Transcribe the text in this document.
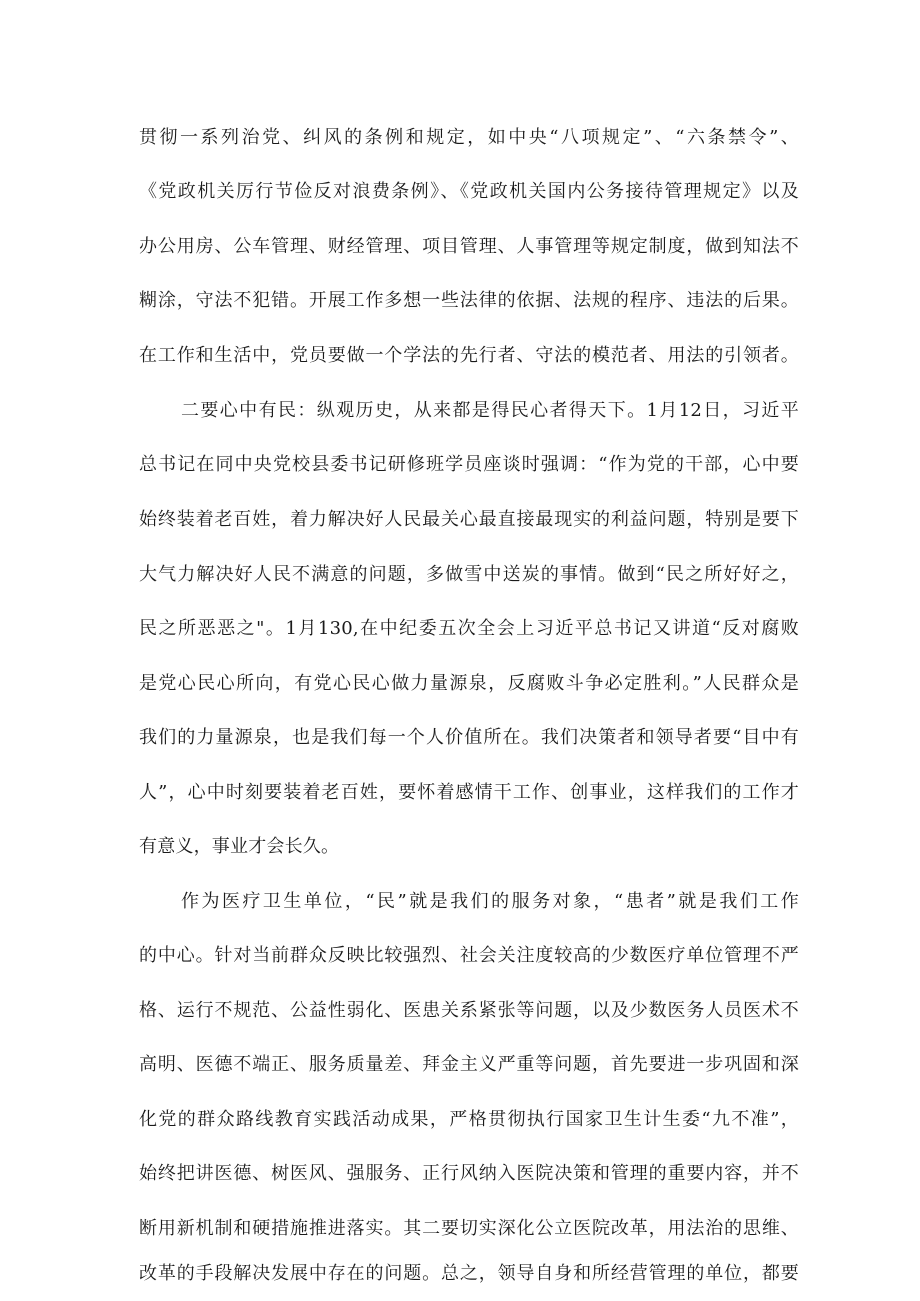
贯彻一系列治党、纠风的条例和规定，如中央“八项规定”、“六条禁令”、
《党政机关厉行节俭反对浪费条例》、《党政机关国内公务接待管理规定》以及
办公用房、公车管理、财经管理、项目管理、人事管理等规定制度，做到知法不
糊涂，守法不犯错。开展工作多想一些法律的依据、法规的程序、违法的后果。
在工作和生活中，党员要做一个学法的先行者、守法的模范者、用法的引领者。
二要心中有民：纵观历史，从来都是得民心者得天下。1月12日，习近平
总书记在同中央党校县委书记研修班学员座谈时强调：“作为党的干部，心中要
始终装着老百姓，着力解决好人民最关心最直接最现实的利益问题，特别是要下
大气力解决好人民不满意的问题，多做雪中送炭的事情。做到“民之所好好之，
民之所恶恶之"。1月130,在中纪委五次全会上习近平总书记又讲道“反对腐败
是党心民心所向，有党心民心做力量源泉，反腐败斗争必定胜利。”人民群众是
我们的力量源泉，也是我们每一个人价值所在。我们决策者和领导者要“目中有
人”，心中时刻要装着老百姓，要怀着感情干工作、创事业，这样我们的工作才
有意义，事业才会长久。
作为医疗卫生单位，“民”就是我们的服务对象，“患者”就是我们工作
的中心。针对当前群众反映比较强烈、社会关注度较高的少数医疗单位管理不严
格、运行不规范、公益性弱化、医患关系紧张等问题，以及少数医务人员医术不
高明、医德不端正、服务质量差、拜金主义严重等问题，首先要进一步巩固和深
化党的群众路线教育实践活动成果，严格贯彻执行国家卫生计生委“九不准”，
始终把讲医德、树医风、强服务、正行风纳入医院决策和管理的重要内容，并不
断用新机制和硬措施推进落实。其二要切实深化公立医院改革，用法治的思维、
改革的手段解决发展中存在的问题。总之，领导自身和所经营管理的单位，都要
